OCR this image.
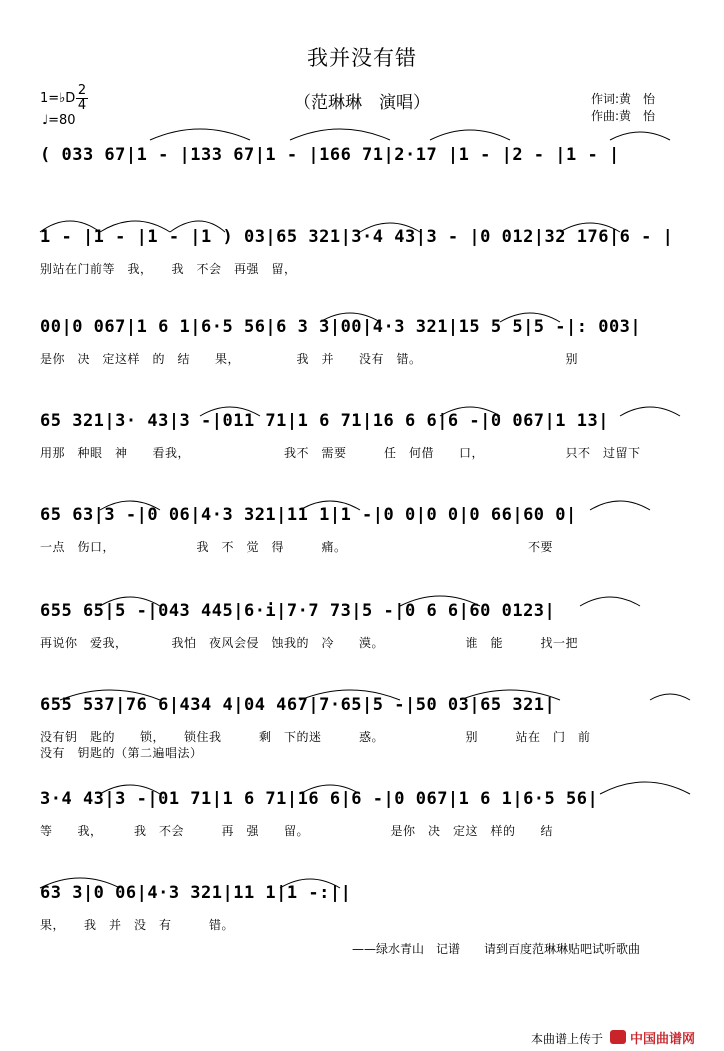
我并没有错
（范琳琳　演唱）
1=♭D
2
4
♩=80
作词:黄　怡
作曲:黄　怡
( 033 67|1 - |133 67|1 - |166 71|2·17 |1 - |2 - |1 - |
1 - |1 - |1 - |1 ) 03|65 321|3·4 43|3 - |0 012|32 176|6 - |
别站在门前等　我，　　我　不会　再强　留，
00|0 067|1 6 1|6·5 56|6 3 3|00|4·3 321|15 5 5|5 -|: 003|
是你　决　定这样　的　结　　果，　　　　　我　并　　没有　错。　　　　　　　　　　　　别
65 321|3· 43|3 -|011 71|1 6 71|16 6 6|6 -|0 067|1 13|
用那　种眼　神　　看我，　　　　　　　　我不　需要　　　任　何借　　口，　　　　　　　只不　过留下
65 63|3 -|0 06|4·3 321|11 1|1 -|0 0|0 0|0 66|60 0|
一点　伤口，　　　　　　　我　不　觉　得　　　痛。　　　　　　　　　　　　　　　不要
655 65|5 -|043 445|6·i|7·7 73|5 -|0 6 6|60 0123|
再说你　爱我，　　　　我怕　夜风会侵　蚀我的　冷　　漠。　　　　　　　谁　能　　　找一把
655 537|76 6|434 4|04 467|7·65|5 -|50 03|65 321|
没有钥　匙的　　锁，　　锁住我　　　剩　下的迷　　　惑。　　　　　　　别　　　站在　门　前
没有　钥匙的（第二遍唱法）
3·4 43|3 -|01 71|1 6 71|16 6|6 -|0 067|1 6 1|6·5 56|
等　　我，　　　我　不会　　　再　强　　留。　　　　　　　是你　决　定这　样的　　结
63 3|0 06|4·3 321|11 1|1 -:||
果，　　我　并　没　有　　　错。
——绿水青山　记谱　　请到百度范琳琳贴吧试听歌曲
本曲谱上传于 中国曲谱网
